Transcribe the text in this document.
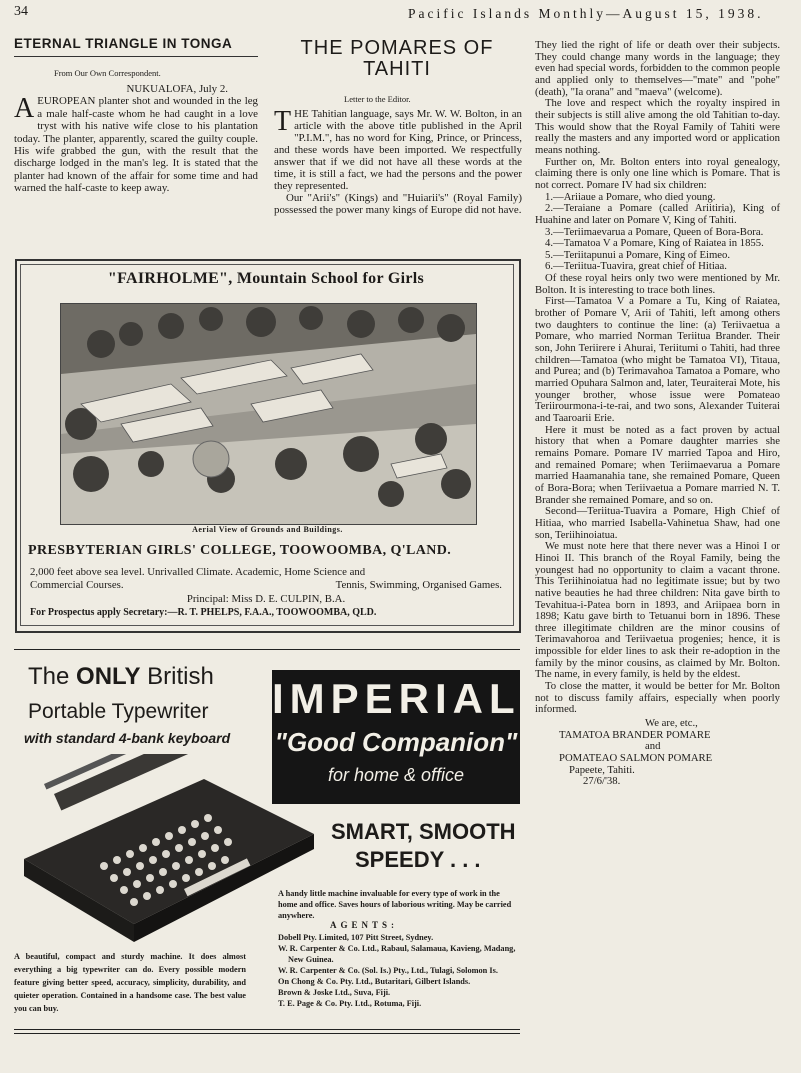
34	Pacific Islands Monthly—August 15, 1938.
ETERNAL TRIANGLE IN TONGA
From Our Own Correspondent.
NUKUALOFA, July 2.
A EUROPEAN planter shot and wounded in the leg a male half-caste whom he had caught in a love tryst with his native wife close to his plantation today. The planter, apparently, scared the guilty couple. His wife grabbed the gun, with the result that the discharge lodged in the man's leg. It is stated that the planter had known of the affair for some time and had warned the half-caste to keep away.
THE POMARES OF
TAHITI
Letter to the Editor.

THE Tahitian language, says Mr. W. W. Bolton, in an article with the above title published in the April "P.I.M.", has no word for King, Prince, or Princess, and these words have been imported. We respectfully answer that if we did not have all these words at the time, it is still a fact, we had the persons and the power they represented.

Our "Arii's" (Kings) and "Huiarii's" (Royal Family) possessed the power many kings of Europe did not have.

They lied the right of life or death over their subjects. They could change many words in the language; they even had special words, forbidden to the common people and applied only to themselves—"mate" and "pohe" (death), "Ia orana" and "maeva" (welcome).

The love and respect which the royalty inspired in their subjects is still alive among the old Tahitian to-day. This would show that the Royal Family of Tahiti were really the masters and any imported word or application means nothing.

Further on, Mr. Bolton enters into royal genealogy, claiming there is only one line which is Pomare. That is not correct. Pomare IV had six children:

1.—Ariiaue a Pomare, who died young.

2.—Teraiane a Pomare (called Ariitiria), King of Huahine and later on Pomare V, King of Tahiti.

3.—Teriimaevarua a Pomare, Queen of Bora-Bora.

4.—Tamatoa V a Pomare, King of Raiatea in 1855.

5.—Teriitapunui a Pomare, King of Eimeo.

6.—Teriitua-Tuavira, great chief of Hitiaa.

Of these royal heirs only two were mentioned by Mr. Bolton. It is interesting to trace both lines.

First—Tamatoa V a Pomare a Tu, King of Raiatea, brother of Pomare V, Arii of Tahiti, left among others two daughters to continue the line: (a) Teriivaetua a Pomare, who married Norman Teriitua Brander. Their son, John Teriirere i Ahurai, Teriitumi o Tahiti, had three children—Tamatoa (who might be Tamatoa VI), Titaua, and Purea; and (b) Terimavahoa Tamatoa a Pomare, who married Opuhara Salmon and, later, Teuraiterai Mote, his younger brother, whose issue were Pomateao Teriirourmona-i-te-rai, and two sons, Alexander Tuiterai and Taaroarii Erie.

Here it must be noted as a fact proven by actual history that when a Pomare daughter marries she remains Pomare. Pomare IV married Tapoa and Hiro, and remained Pomare; when Teriimaevarua a Pomare married Haamanahia tane, she remained Pomare, Queen of Bora-Bora; when Teriivaetua a Pomare married N. T. Brander she remained Pomare, and so on.

Second—Teriitua-Tuavira a Pomare, High Chief of Hitiaa, who married Isabella-Vahinetua Shaw, had one son, Teriihinoiatua.

We must note here that there never was a Hinoi I or Hinoi II. This branch of the Royal Family, being the youngest had no opportunity to claim a vacant throne. This Teriihinoiatua had no legitimate issue; but by two native beauties he had three children: Nita gave birth to Tevahitua-i-Patea born in 1893, and Ariipaea born in 1898; Katu gave birth to Tetuanui born in 1896. These three illegitimate children are the minor cousins of Terimavahoroa and Teriivaetua progenies; hence, it is impossible for elder lines to ask their re-adoption in the family by the minor cousins, as claimed by Mr. Bolton. The name, in every family, is held by the eldest.

To close the matter, it would be better for Mr. Bolton not to discuss family affairs, especially when poorly informed.

We are, etc.,
TAMATOA BRANDER POMARE
and
POMATEAO SALMON POMARE
Papeete, Tahiti.
27/6/'38.
"FAIRHOLME", Mountain School for Girls
Aerial View of Grounds and Buildings.
PRESBYTERIAN GIRLS' COLLEGE, TOOWOOMBA, Q'LAND.
2,000 feet above sea level. Unrivalled Climate. Academic, Home Science and
Commercial Courses.	Tennis, Swimming, Organised Games.
Principal: Miss D. E. CULPIN, B.A.
For Prospectus apply Secretary:—R. T. PHELPS, F.A.A., TOOWOOMBA, QLD.
The ONLY British
Portable Typewriter
with standard 4-bank keyboard
IMPERIAL
"Good Companion"
for home & office
SMART, SMOOTH
SPEEDY . . .
A handy little machine invaluable for every type of work in the home and office. Saves hours of laborious writing. May be carried anywhere.
AGENTS:
Dobell Pty. Limited, 107 Pitt Street, Sydney.
W. R. Carpenter & Co. Ltd., Rabaul, Salamaua, Kavieng, Madang, New Guinea.
W. R. Carpenter & Co. (Sol. Is.) Pty., Ltd., Tulagi, Solomon Is.
On Chong & Co. Pty. Ltd., Butaritari, Gilbert Islands.
Brown & Joske Ltd., Suva, Fiji.
T. E. Page & Co. Pty. Ltd., Rotuma, Fiji.
A beautiful, compact and sturdy machine. It does almost everything a big typewriter can do. Every possible modern feature giving better speed, accuracy, simplicity, durability, and quieter operation. Contained in a handsome case. The best value you can buy.
